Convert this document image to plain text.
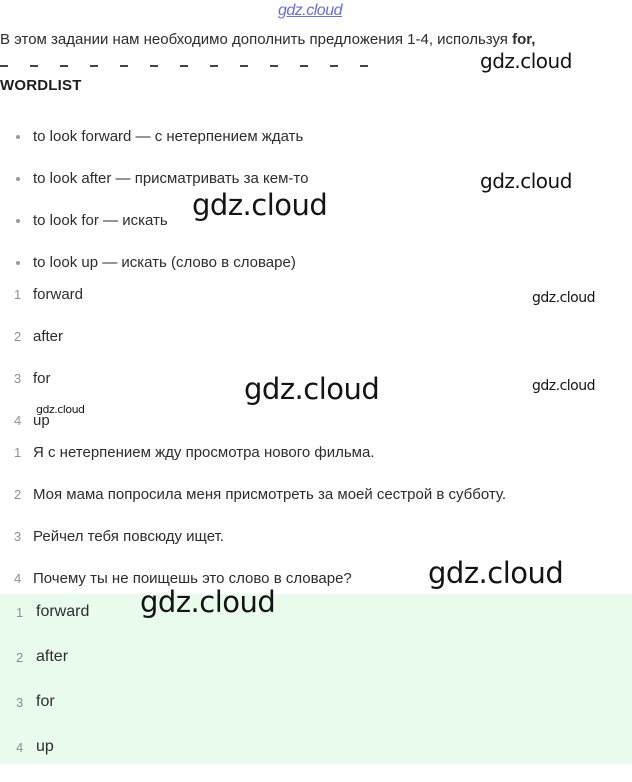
gdz.cloud
В этом задании нам необходимо дополнить предложения 1-4, используя for,
WORDLIST
to look forward — с нетерпением ждать
to look after — присматривать за кем-то
to look for — искать
to look up — искать (слово в словаре)
1 forward
2 after
3 for
4 up
1 Я с нетерпением жду просмотра нового фильма.
2 Моя мама попросила меня присмотреть за моей сестрой в субботу.
3 Рейчел тебя повсюду ищет.
4 Почему ты не поищешь это слово в словаре?
1 forward
2 after
3 for
4 up
gdz.cloud
gdz.cloud
gdz.cloud
gdz.cloud
gdz.cloud	gdz.cloud
gdz.cloud
gdz.cloud
gdz.cloud
